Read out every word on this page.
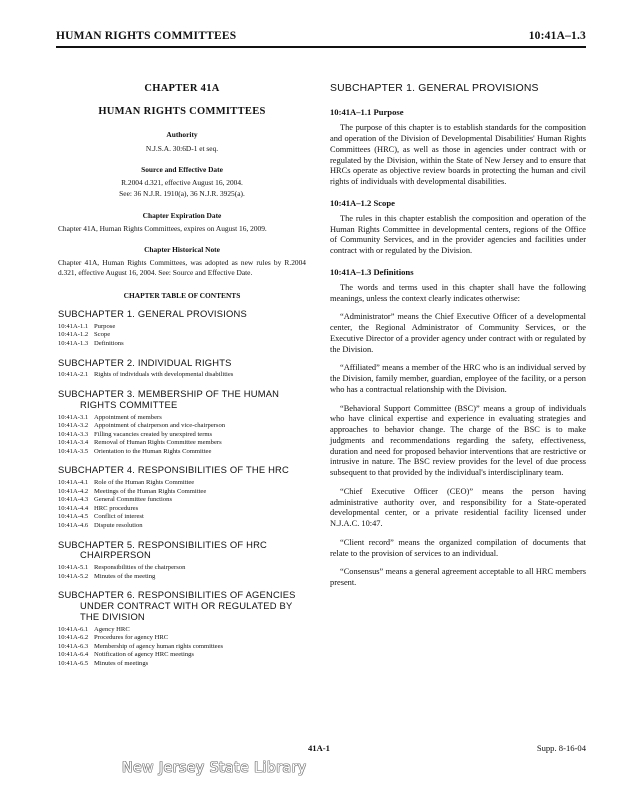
HUMAN RIGHTS COMMITTEES	10:41A–1.3
CHAPTER 41A
HUMAN RIGHTS COMMITTEES
Authority
N.J.S.A. 30:6D-1 et seq.
Source and Effective Date
R.2004 d.321, effective August 16, 2004.
See: 36 N.J.R. 1910(a), 36 N.J.R. 3925(a).
Chapter Expiration Date
Chapter 41A, Human Rights Committees, expires on August 16, 2009.
Chapter Historical Note
Chapter 41A, Human Rights Committees, was adopted as new rules by R.2004 d.321, effective August 16, 2004. See: Source and Effective Date.
CHAPTER TABLE OF CONTENTS
SUBCHAPTER 1. GENERAL PROVISIONS
10:41A-1.1 Purpose
10:41A-1.2 Scope
10:41A-1.3 Definitions
SUBCHAPTER 2. INDIVIDUAL RIGHTS
10:41A-2.1 Rights of individuals with developmental disabilities
SUBCHAPTER 3. MEMBERSHIP OF THE HUMAN
RIGHTS COMMITTEE
10:41A-3.1 Appointment of members
10:41A-3.2 Appointment of chairperson and vice-chairperson
10:41A-3.3 Filling vacancies created by unexpired terms
10:41A-3.4 Removal of Human Rights Committee members
10:41A-3.5 Orientation to the Human Rights Committee
SUBCHAPTER 4. RESPONSIBILITIES OF THE HRC
10:41A-4.1 Role of the Human Rights Committee
10:41A-4.2 Meetings of the Human Rights Committee
10:41A-4.3 General Committee functions
10:41A-4.4 HRC procedures
10:41A-4.5 Conflict of interest
10:41A-4.6 Dispute resolution
SUBCHAPTER 5. RESPONSIBILITIES OF HRC
CHAIRPERSON
10:41A-5.1 Responsibilities of the chairperson
10:41A-5.2 Minutes of the meeting
SUBCHAPTER 6. RESPONSIBILITIES OF AGENCIES
UNDER CONTRACT WITH OR REGULATED BY THE DIVISION
10:41A-6.1 Agency HRC
10:41A-6.2 Procedures for agency HRC
10:41A-6.3 Membership of agency human rights committees
10:41A-6.4 Notification of agency HRC meetings
10:41A-6.5 Minutes of meetings
SUBCHAPTER 1. GENERAL PROVISIONS
10:41A–1.1 Purpose

The purpose of this chapter is to establish standards for the composition and operation of the Division of Developmental Disabilities' Human Rights Committees (HRC), as well as those in agencies under contract with or regulated by the Division, within the State of New Jersey and to ensure that HRCs operate as objective review boards in protecting the human and civil rights of individuals with developmental disabilities.

10:41A–1.2 Scope

The rules in this chapter establish the composition and operation of the Human Rights Committee in developmental centers, regions of the Office of Community Services, and in the provider agencies and facilities under contract with or regulated by the Division.

10:41A–1.3 Definitions

The words and terms used in this chapter shall have the following meanings, unless the context clearly indicates otherwise:

“Administrator” means the Chief Executive Officer of a developmental center, the Regional Administrator of Community Services, or the Executive Director of a provider agency under contract with or regulated by the Division.

“Affiliated” means a member of the HRC who is an individual served by the Division, family member, guardian, employee of the facility, or a person who has a contractual relationship with the Division.

“Behavioral Support Committee (BSC)” means a group of individuals who have clinical expertise and experience in evaluating strategies and approaches to behavior change. The charge of the BSC is to make judgments and recommendations regarding the safety, effectiveness, duration and need for proposed behavior interventions that are restrictive or intrusive in nature. The BSC review provides for the level of due process subsequent to that provided by the individual's interdisciplinary team.

“Chief Executive Officer (CEO)” means the person having administrative authority over, and responsibility for a State-operated developmental center, or a private residential facility licensed under N.J.A.C. 10:47.

“Client record” means the organized compilation of documents that relate to the provision of services to an individual.

“Consensus” means a general agreement acceptable to all HRC members present.

41A-1	Supp. 8-16-04
New Jersey State Library
